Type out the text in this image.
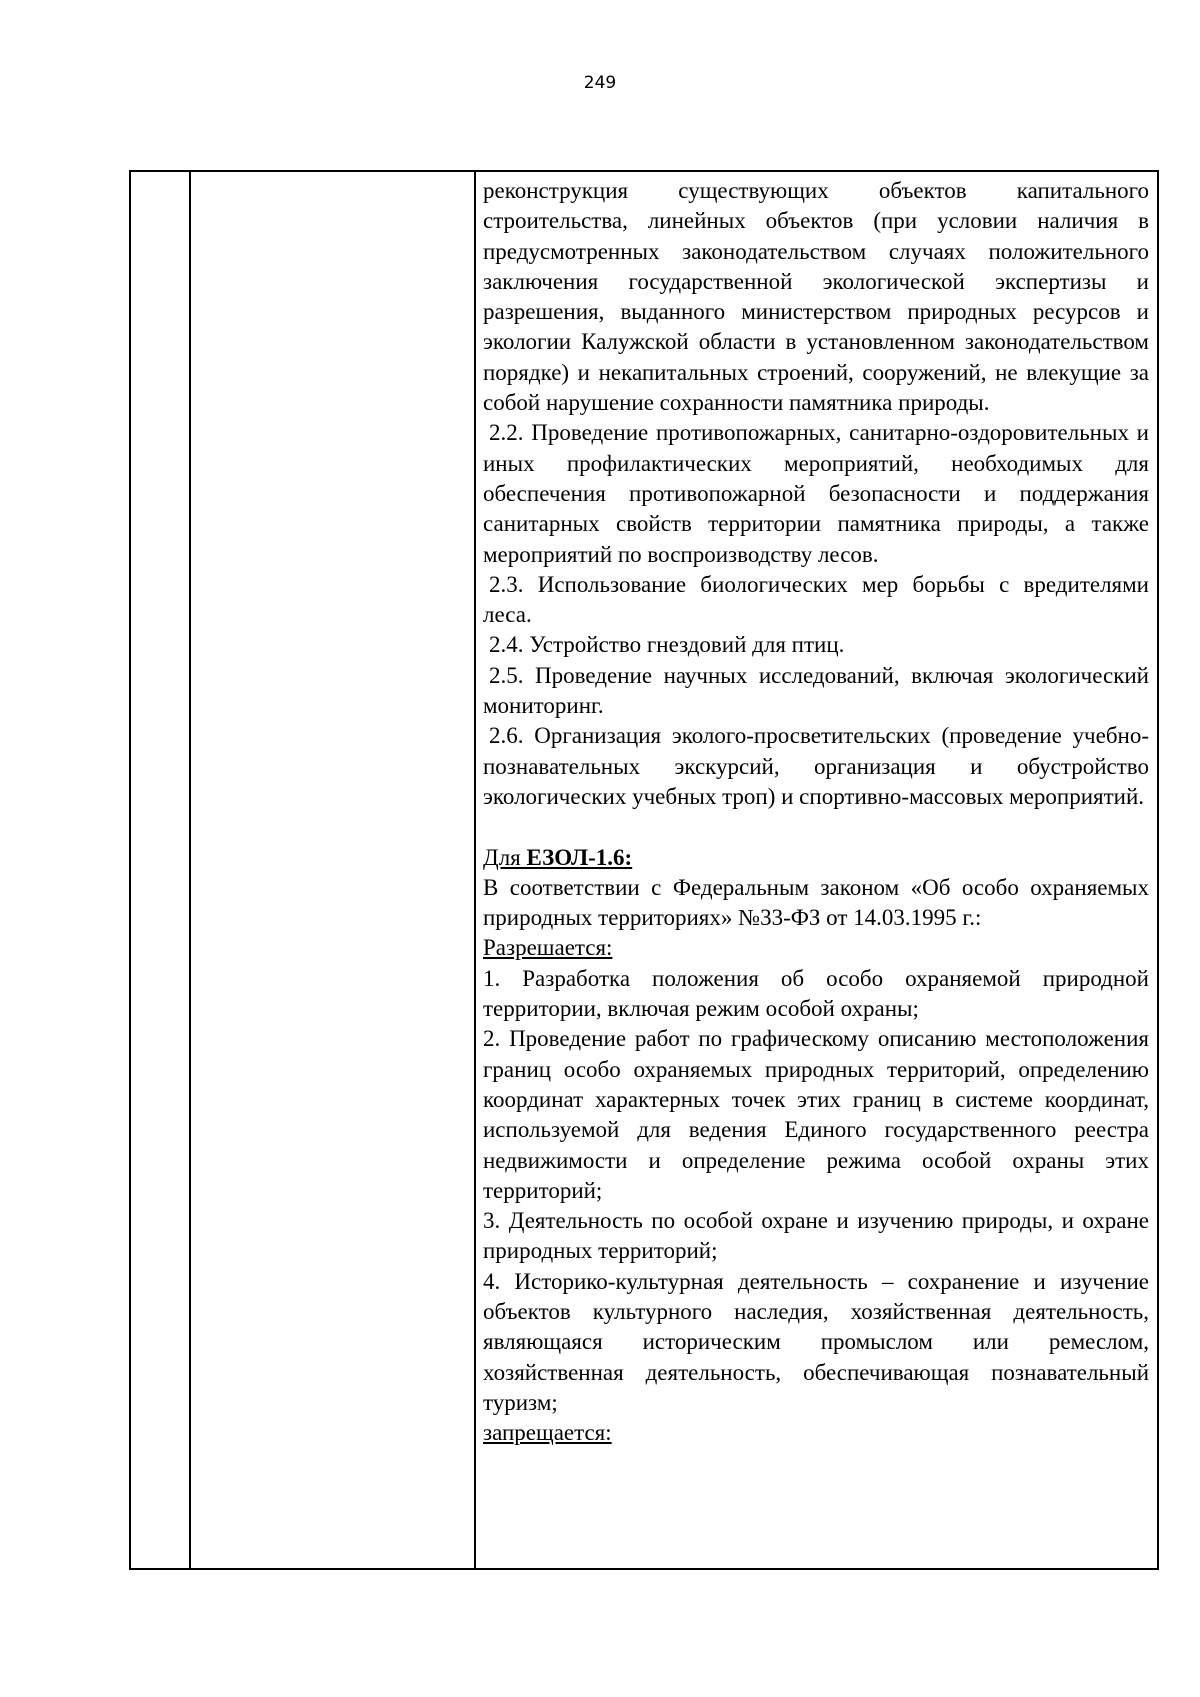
249

реконструкция существующих объектов капитального строительства, линейных объектов (при условии наличия в предусмотренных законодательством случаях положительного заключения государственной экологической экспертизы и разрешения, выданного министерством природных ресурсов и экологии Калужской области в установленном законодательством порядке) и некапитальных строений, сооружений, не влекущие за собой нарушение сохранности памятника природы.

2.2. Проведение противопожарных, санитарно-оздоровительных и иных профилактических мероприятий, необходимых для обеспечения противопожарной безопасности и поддержания санитарных свойств территории памятника природы, а также мероприятий по воспроизводству лесов.

2.3. Использование биологических мер борьбы с вредителями леса.

2.4. Устройство гнездовий для птиц.

2.5. Проведение научных исследований, включая экологический мониторинг.

2.6. Организация эколого-просветительских (проведение учебно-познавательных экскурсий, организация и обустройство экологических учебных троп) и спортивно-массовых мероприятий.

Для ЕЗОЛ-1.6:

В соответствии с Федеральным законом «Об особо охраняемых природных территориях» №33-ФЗ от 14.03.1995 г.:

Разрешается:

1. Разработка положения об особо охраняемой природной территории, включая режим особой охраны;

2. Проведение работ по графическому описанию местоположения границ особо охраняемых природных территорий, определению координат характерных точек этих границ в системе координат, используемой для ведения Единого государственного реестра недвижимости и определение режима особой охраны этих территорий;

3. Деятельность по особой охране и изучению природы, и охране природных территорий;

4. Историко-культурная деятельность – сохранение и изучение объектов культурного наследия, хозяйственная деятельность, являющаяся историческим промыслом или ремеслом, хозяйственная деятельность, обеспечивающая познавательный туризм;

запрещается:
